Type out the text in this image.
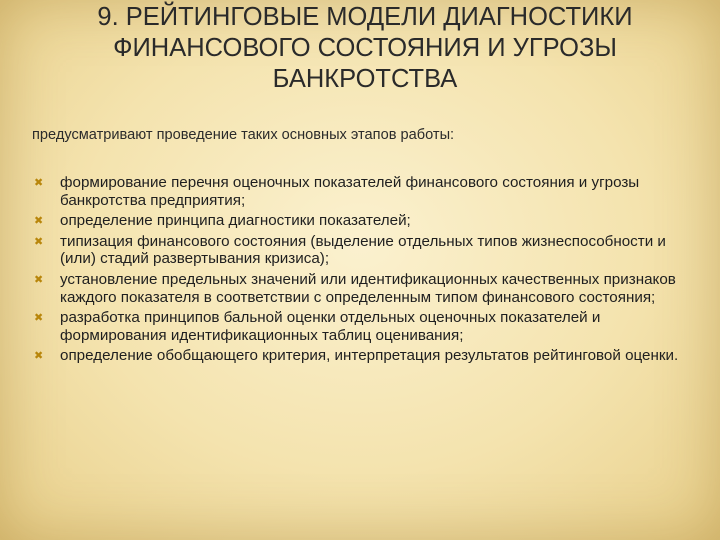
9. РЕЙТИНГОВЫЕ МОДЕЛИ ДИАГНОСТИКИ
ФИНАНСОВОГО СОСТОЯНИЯ И УГРОЗЫ
БАНКРОТСТВА

предусматривают проведение таких основных этапов работы:

✖ формирование перечня оценочных показателей финансового состояния и угрозы банкротства предприятия;
✖ определение принципа диагностики показателей;
✖ типизация финансового состояния (выделение отдельных типов жизнеспособности и (или) стадий развертывания кризиса);
✖ установление предельных значений или идентификационных качественных признаков каждого показателя в соответствии с определенным типом финансового состояния;
✖ разработка принципов бальной оценки отдельных оценочных показателей и формирования идентификационных таблиц оценивания;
✖ определение обобщающего критерия, интерпретация результатов рейтинговой оценки.
